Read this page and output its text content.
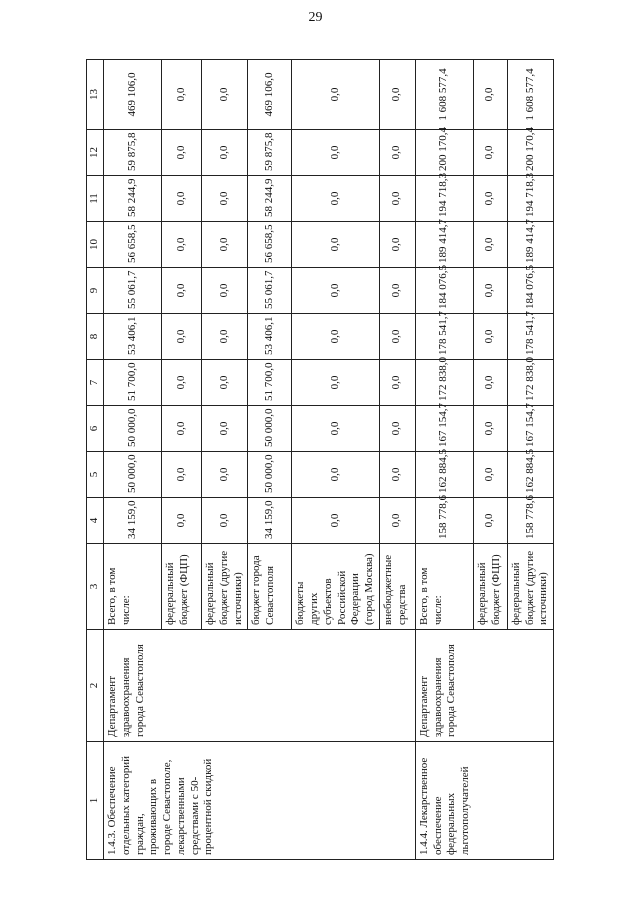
29
1	2	3	4	5	6	7	8	9	10	11	12	13
1.4.3. Обеспечение отдельных категорий граждан, проживающих в городе Севастополе, лекарственными средствами с 50-процентной скидкой	Департамент здравоохранения города Севастополя	Всего, в том числе:	34 159,0	50 000,0	50 000,0	51 700,0	53 406,1	55 061,7	56 658,5	58 244,9	59 875,8	469 106,0
		федеральный бюджет (ФЦП)	0,0	0,0	0,0	0,0	0,0	0,0	0,0	0,0	0,0	0,0
		федеральный бюджет (другие источники)	0,0	0,0	0,0	0,0	0,0	0,0	0,0	0,0	0,0	0,0
		бюджет города Севастополя	34 159,0	50 000,0	50 000,0	51 700,0	53 406,1	55 061,7	56 658,5	58 244,9	59 875,8	469 106,0
		бюджеты других субъектов Российской Федерации (город Москва)	0,0	0,0	0,0	0,0	0,0	0,0	0,0	0,0	0,0	0,0
		внебюджетные средства	0,0	0,0	0,0	0,0	0,0	0,0	0,0	0,0	0,0	0,0
1.4.4. Лекарственное обеспечение федеральных льготополучателей	Департамент здравоохранения города Севастополя	Всего, в том числе:	158 778,6	162 884,5	167 154,7	172 838,0	178 541,7	184 076,5	189 414,7	194 718,3	200 170,4	1 608 577,4
		федеральный бюджет (ФЦП)	0,0	0,0	0,0	0,0	0,0	0,0	0,0	0,0	0,0	0,0
		федеральный бюджет (другие источники)	158 778,6	162 884,5	167 154,7	172 838,0	178 541,7	184 076,5	189 414,7	194 718,3	200 170,4	1 608 577,4
